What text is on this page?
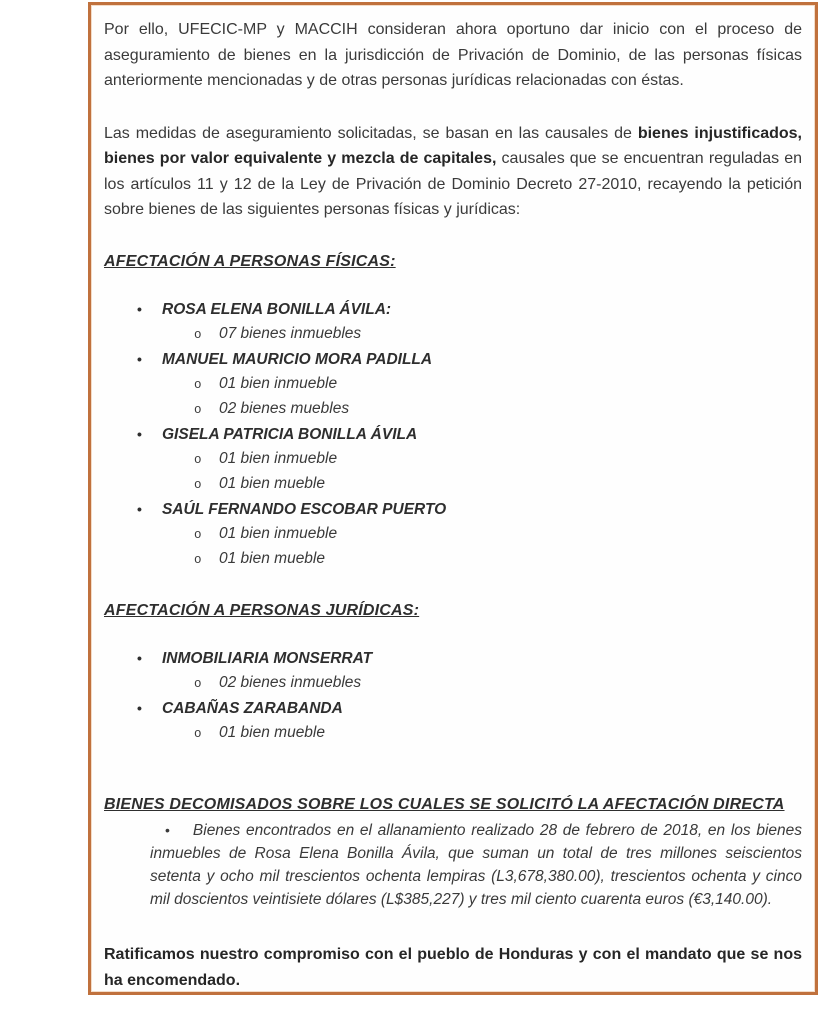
Por ello, UFECIC-MP y MACCIH consideran ahora oportuno dar inicio con el proceso de aseguramiento de bienes en la jurisdicción de Privación de Dominio, de las personas físicas anteriormente mencionadas y de otras personas jurídicas relacionadas con éstas.

Las medidas de aseguramiento solicitadas, se basan en las causales de bienes injustificados, bienes por valor equivalente y mezcla de capitales, causales que se encuentran reguladas en los artículos 11 y 12 de la Ley de Privación de Dominio Decreto 27-2010, recayendo la petición sobre bienes de las siguientes personas físicas y jurídicas:

AFECTACIÓN A PERSONAS FÍSICAS:
•	ROSA ELENA BONILLA ÁVILA:
o	07 bienes inmuebles
•	MANUEL MAURICIO MORA PADILLA
o	01 bien inmueble
o	02 bienes muebles
•	GISELA PATRICIA BONILLA ÁVILA
o	01 bien inmueble
o	01 bien mueble
•	SAÚL FERNANDO ESCOBAR PUERTO
o	01 bien inmueble
o	01 bien mueble
AFECTACIÓN A PERSONAS JURÍDICAS:
•	INMOBILIARIA MONSERRAT
o	02 bienes inmuebles
•	CABAÑAS ZARABANDA
o	01 bien mueble
BIENES DECOMISADOS SOBRE LOS CUALES SE SOLICITÓ LA AFECTACIÓN DIRECTA

• Bienes encontrados en el allanamiento realizado 28 de febrero de 2018, en los bienes inmuebles de Rosa Elena Bonilla Ávila, que suman un total de tres millones seiscientos setenta y ocho mil trescientos ochenta lempiras (L3,678,380.00), trescientos ochenta y cinco mil doscientos veintisiete dólares (L$385,227) y tres mil ciento cuarenta euros (€3,140.00).

Ratificamos nuestro compromiso con el pueblo de Honduras y con el mandato que se nos ha encomendado.
